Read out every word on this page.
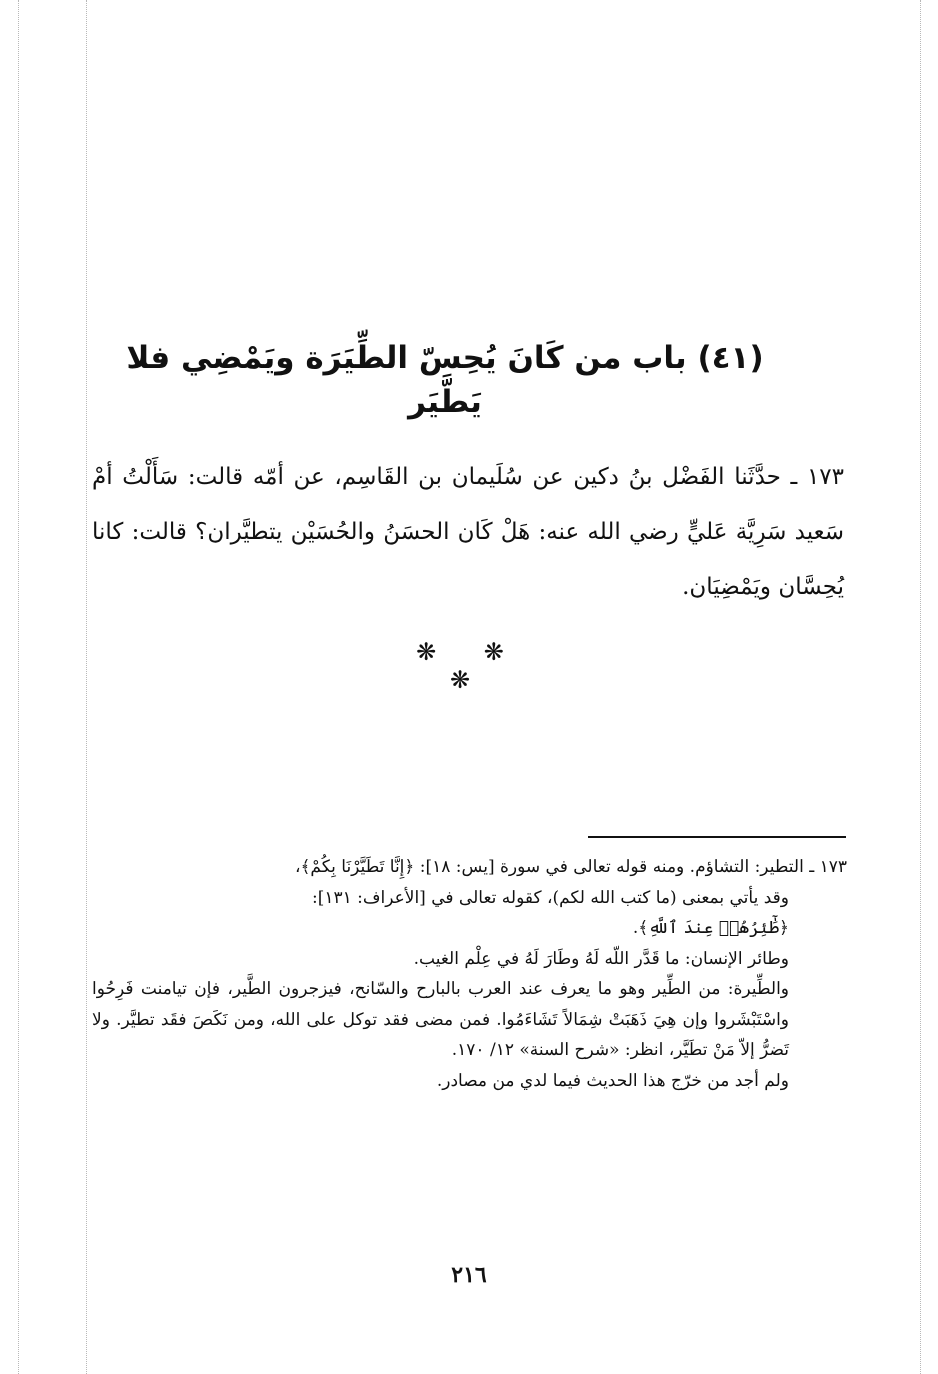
(٤١) باب من كَانَ يُحِسّ الطِّيَرَة ويَمْضِي فلا يَطَّيَر

١٧٣ ـ حدَّثَنا الفَضْل بنُ دكين عن سُلَيمان بن القَاسِم، عن أمّه قالت: سَأَلْتُ أمْ سَعيد سَرِيَّة عَليٍّ رضي الله عنه: هَلْ كَان الحسَنُ والحُسَيْن يتطيَّران؟ قالت: كانا يُحِسَّان ويَمْضِيَان.

❋ ❋ ❋

١٧٣ ـ التطير: التشاؤم. ومنه قوله تعالى في سورة [يس: ١٨]: ﴿إِنَّا تَطَيَّرْنَا بِكُمْ﴾،

وقد يأتي بمعنى (ما كتب الله لكم)، كقوله تعالى في [الأعراف: ١٣١]:

﴿طَٰٓئِرُهُمۡ عِندَ ٱللَّهِ﴾.

وطائر الإنسان: ما قَدَّر اللّه لَهُ وطَارَ لَهُ في عِلْم الغيب.

والطِّيرة: من الطِّير وهو ما يعرف عند العرب بالبارح والسّانح، فيزجرون الطَّير، فإن تيامنت فَرِحُوا واسْتَبْشَروا وإن هِيَ ذَهَبَتْ شِمَالاً تَشَاءَمُوا. فمن مضى فقد توكل على الله، ومن نَكَصَ فقَد تطيَّر. ولا تَضرُّ إلاّ مَنْ تطَيَّر، انظر: «شرح السنة» ١٢/ ١٧٠.

ولم أجد من خرّج هذا الحديث فيما لدي من مصادر.

٢١٦
